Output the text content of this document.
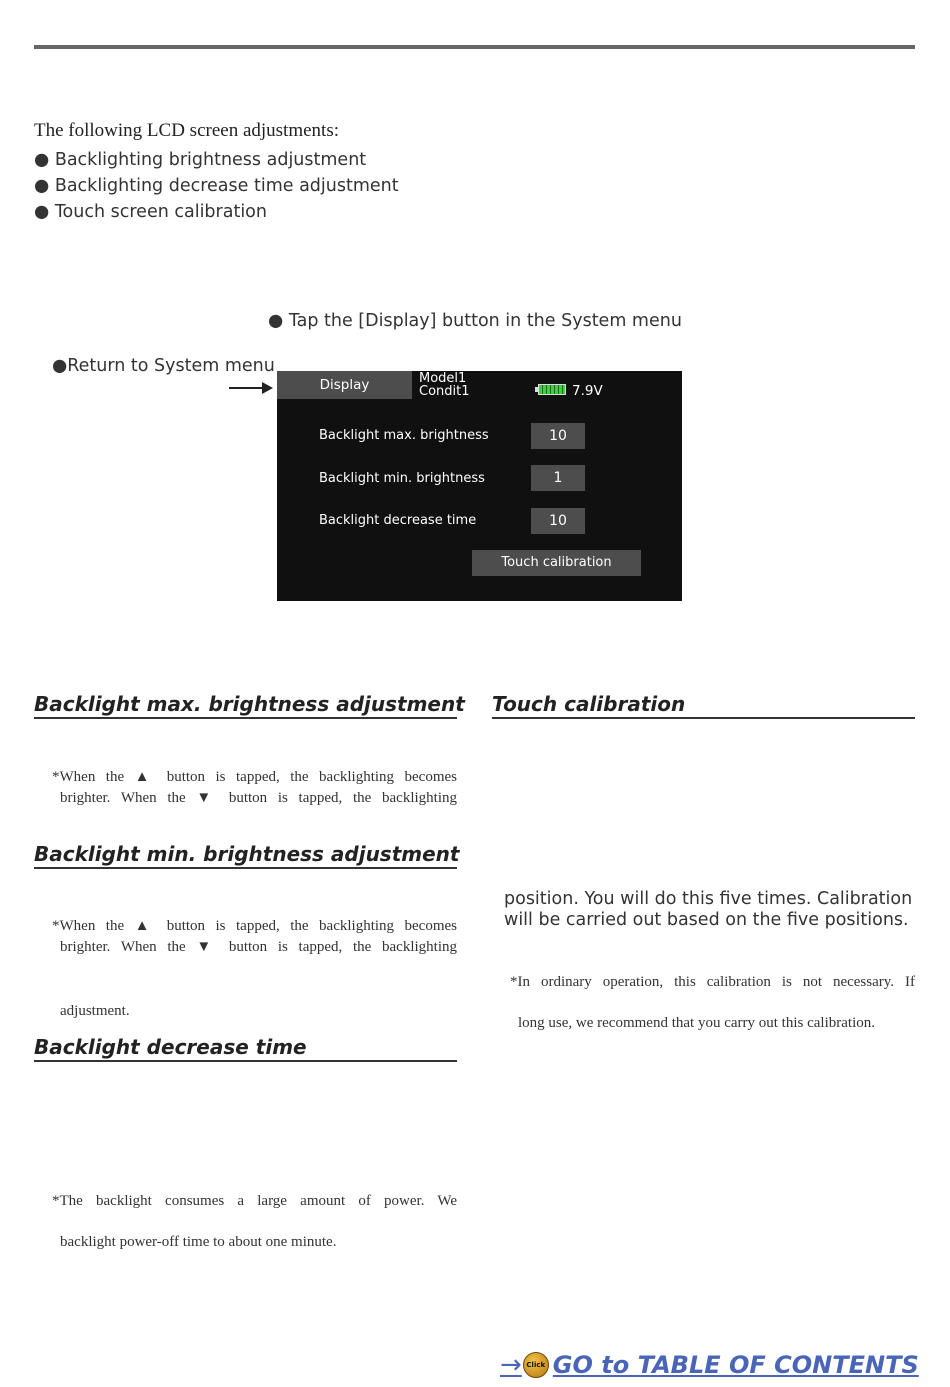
The following LCD screen adjustments:
● Backlighting brightness adjustment
● Backlighting decrease time adjustment
● Touch screen calibration
● Tap the [Display] button in the System menu
●Return to System menu
Display	Model1
Condit1	7.9V
Backlight max. brightness	10
Backlight min. brightness	1
Backlight decrease time	10
Touch calibration
Backlight max. brightness adjustment
*When the ▲ button is tapped, the backlighting becomes
brighter. When the ▼ button is tapped, the backlighting
Backlight min. brightness adjustment
*When the ▲ button is tapped, the backlighting becomes
brighter. When the ▼ button is tapped, the backlighting
adjustment.
Backlight decrease time
*The backlight consumes a large amount of power. We
backlight power-off time to about one minute.
Touch calibration
position. You will do this five times. Calibration
will be carried out based on the five positions.
*In ordinary operation, this calibration is not necessary. If
long use, we recommend that you carry out this calibration.
→ Click GO to TABLE OF CONTENTS
